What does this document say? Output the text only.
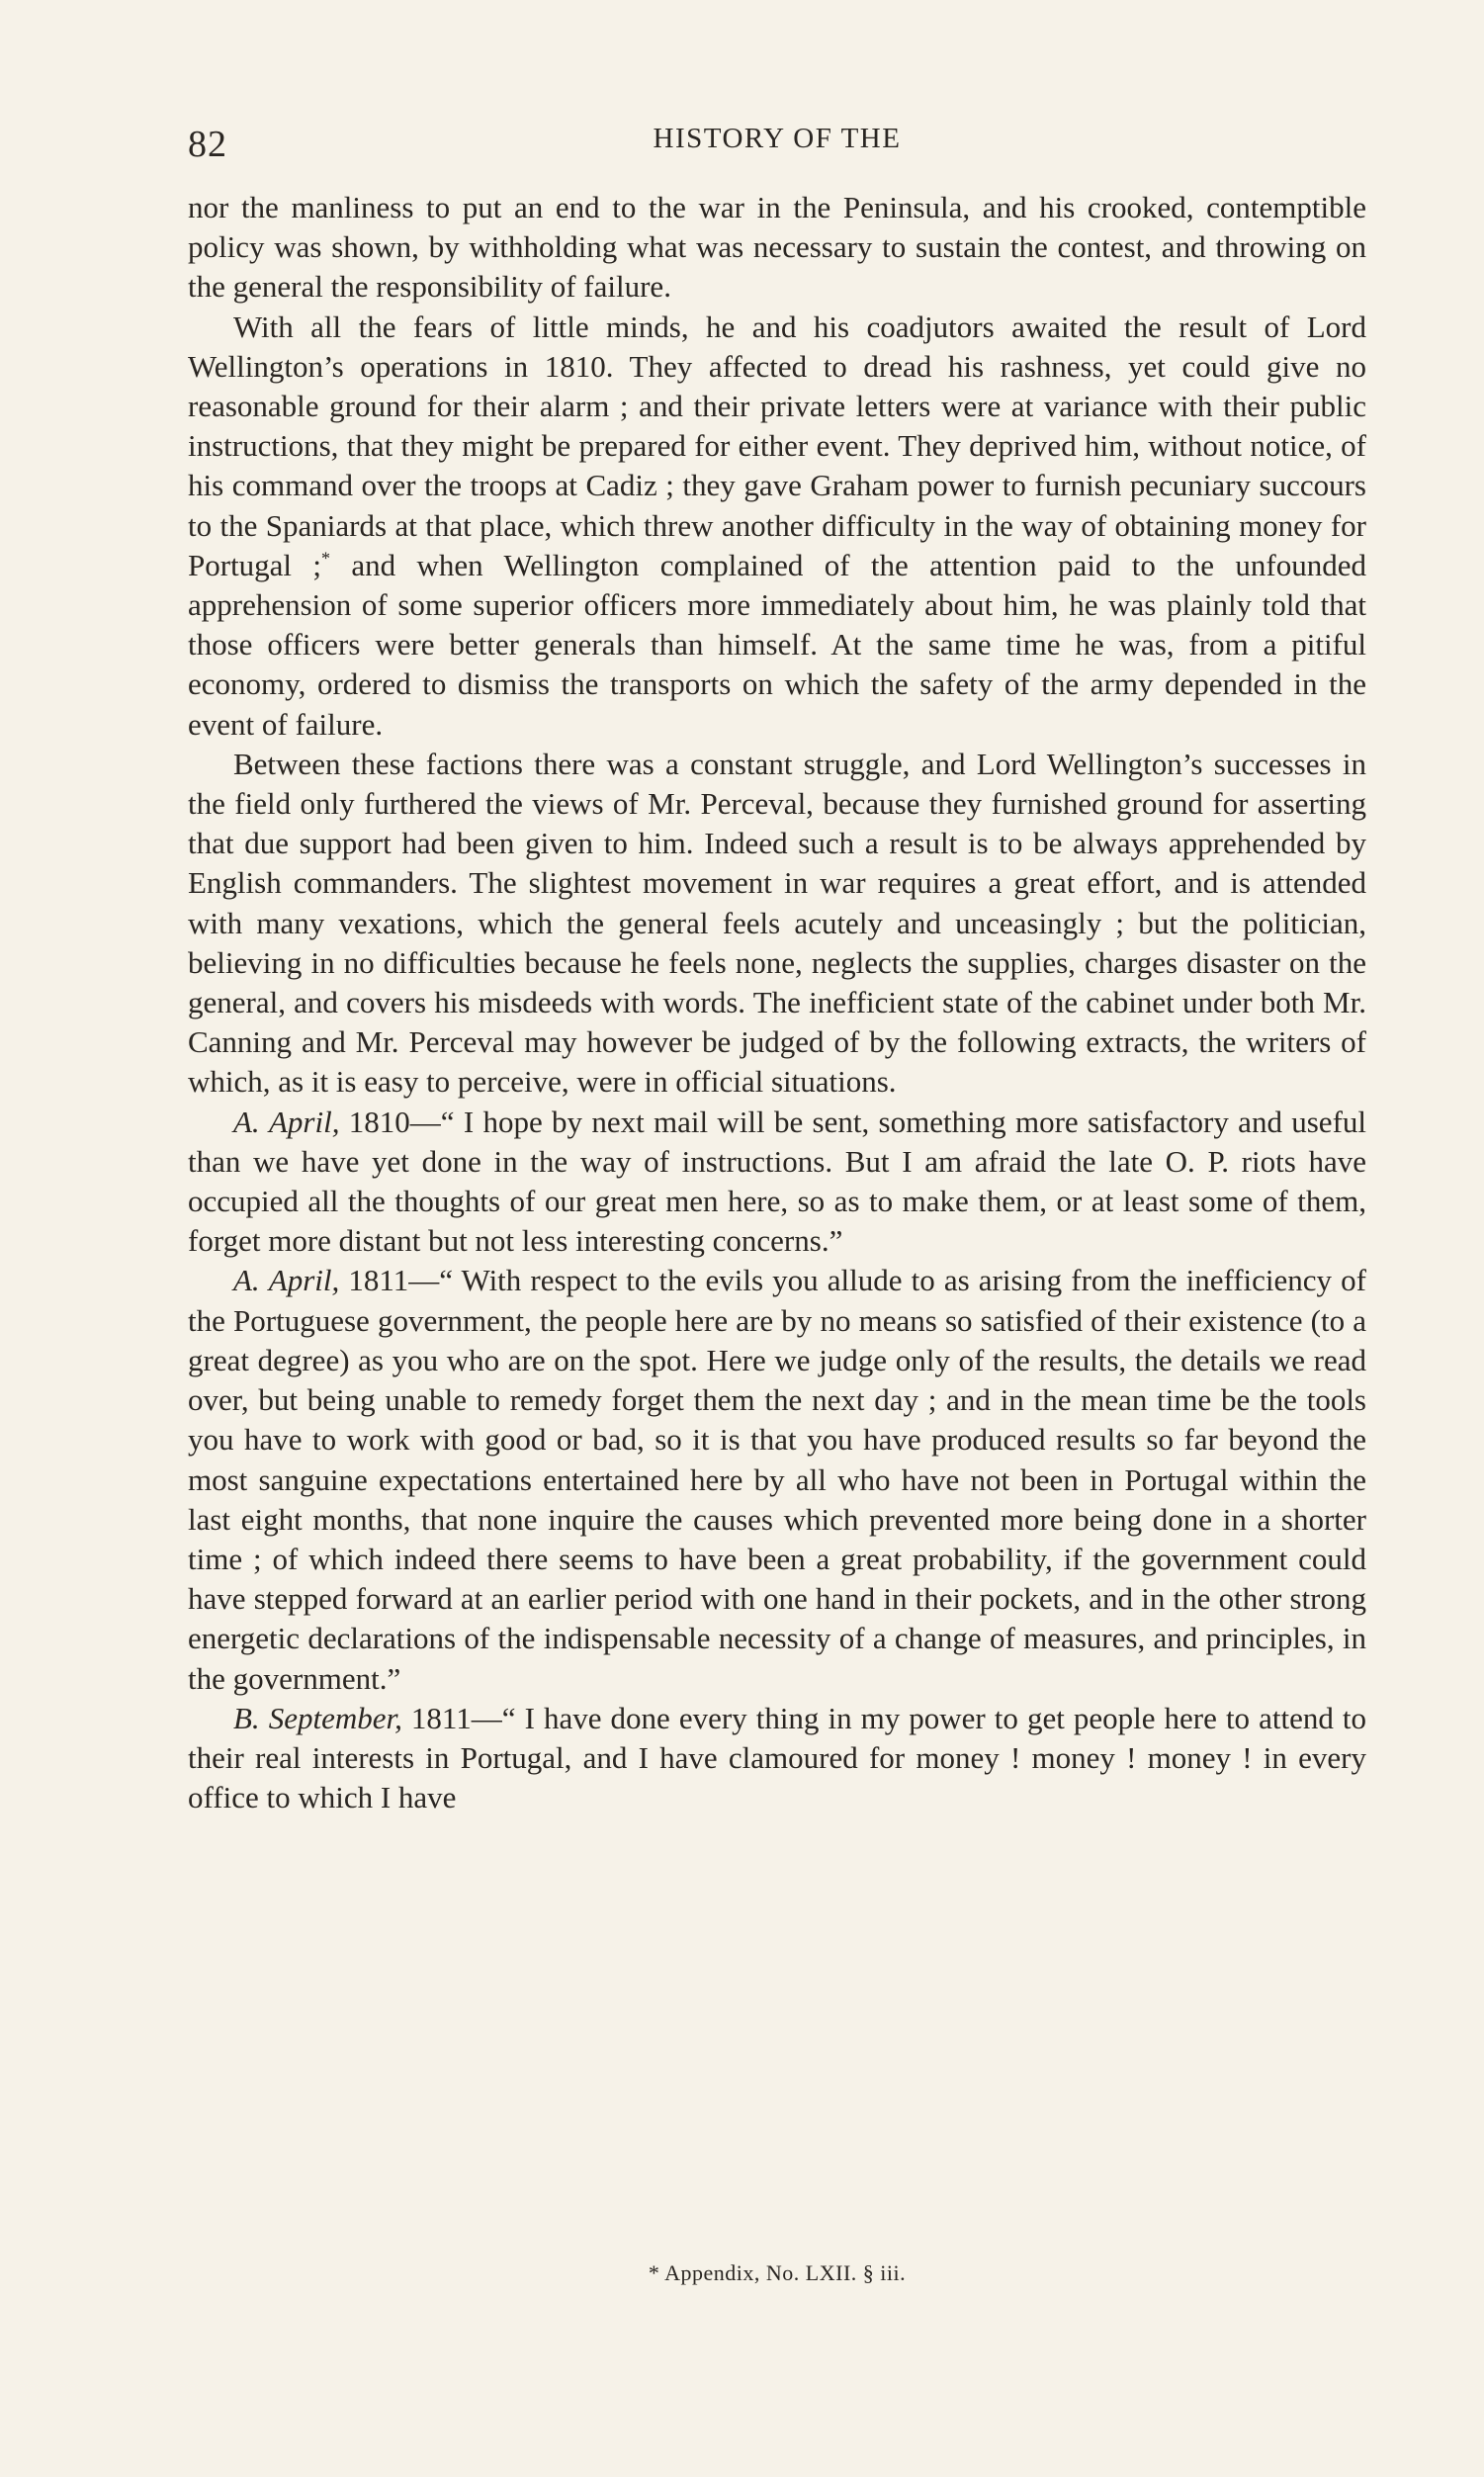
82	HISTORY OF THE

nor the manliness to put an end to the war in the Peninsula, and his crooked, contemptible policy was shown, by withholding what was necessary to sustain the contest, and throwing on the general the responsibility of failure.

With all the fears of little minds, he and his coadjutors awaited the result of Lord Wellington’s operations in 1810. They affected to dread his rashness, yet could give no reasonable ground for their alarm ; and their private letters were at variance with their public instructions, that they might be prepared for either event. They deprived him, without notice, of his command over the troops at Cadiz ; they gave Graham power to furnish pecuniary succours to the Spaniards at that place, which threw another difficulty in the way of obtaining money for Portugal ;* and when Wellington complained of the attention paid to the unfounded apprehension of some superior officers more immediately about him, he was plainly told that those officers were better generals than himself. At the same time he was, from a pitiful economy, ordered to dismiss the transports on which the safety of the army depended in the event of failure.

Between these factions there was a constant struggle, and Lord Wellington’s successes in the field only furthered the views of Mr. Perceval, because they furnished ground for asserting that due support had been given to him. Indeed such a result is to be always apprehended by English commanders. The slightest movement in war requires a great effort, and is attended with many vexations, which the general feels acutely and unceasingly ; but the politician, believing in no difficulties because he feels none, neglects the supplies, charges disaster on the general, and covers his misdeeds with words. The inefficient state of the cabinet under both Mr. Canning and Mr. Perceval may however be judged of by the following extracts, the writers of which, as it is easy to perceive, were in official situations.

A. April, 1810—“ I hope by next mail will be sent, something more satisfactory and useful than we have yet done in the way of instructions. But I am afraid the late O. P. riots have occupied all the thoughts of our great men here, so as to make them, or at least some of them, forget more distant but not less interesting concerns.”

A. April, 1811—“ With respect to the evils you allude to as arising from the inefficiency of the Portuguese government, the people here are by no means so satisfied of their existence (to a great degree) as you who are on the spot. Here we judge only of the results, the details we read over, but being unable to remedy forget them the next day ; and in the mean time be the tools you have to work with good or bad, so it is that you have produced results so far beyond the most sanguine expectations entertained here by all who have not been in Portugal within the last eight months, that none inquire the causes which prevented more being done in a shorter time ; of which indeed there seems to have been a great probability, if the government could have stepped forward at an earlier period with one hand in their pockets, and in the other strong energetic declarations of the indispensable necessity of a change of measures, and principles, in the government.”

B. September, 1811—“ I have done every thing in my power to get people here to attend to their real interests in Portugal, and I have clamoured for money ! money ! money ! in every office to which I have

* Appendix, No. LXII. § iii.
